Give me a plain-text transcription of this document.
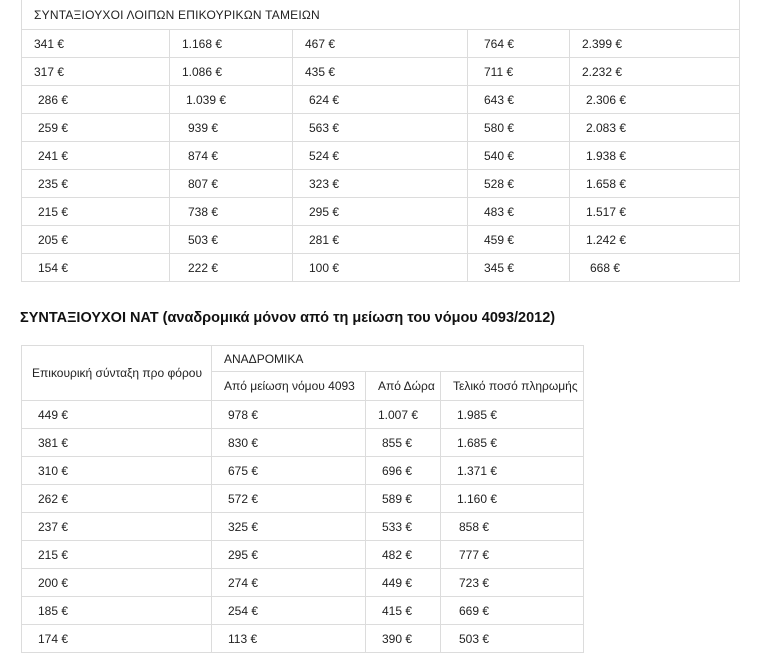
ΣΥΝΤΑΞΙΟΥΧΟΙ ΛΟΙΠΩΝ ΕΠΙΚΟΥΡΙΚΩΝ ΤΑΜΕΙΩΝ				
341 €	1.168 €	467 €	764 €	2.399 €
317 €	1.086 €	435 €	711 €	2.232 €
286 €	1.039 €	624 €	643 €	2.306 €
259 €	939 €	563 €	580 €	2.083 €
241 €	874 €	524 €	540 €	1.938 €
235 €	807 €	323 €	528 €	1.658 €
215 €	738 €	295 €	483 €	1.517 €
205 €	503 €	281 €	459 €	1.242 €
154 €	222 €	100 €	345 €	668 €
ΣΥΝΤΑΞΙΟΥΧΟΙ ΝΑΤ (αναδρομικά μόνον από τη μείωση του νόμου 4093/2012)
Επικουρική σύνταξη προ φόρου	ΑΝΑΔΡΟΜΙΚΑ		
	Από μείωση νόμου 4093	Από Δώρα	Τελικό ποσό πληρωμής
449 €	978 €	1.007 €	1.985 €
381 €	830 €	855 €	1.685 €
310 €	675 €	696 €	1.371 €
262 €	572 €	589 €	1.160 €
237 €	325 €	533 €	858 €
215 €	295 €	482 €	777 €
200 €	274 €	449 €	723 €
185 €	254 €	415 €	669 €
174 €	113 €	390 €	503 €
